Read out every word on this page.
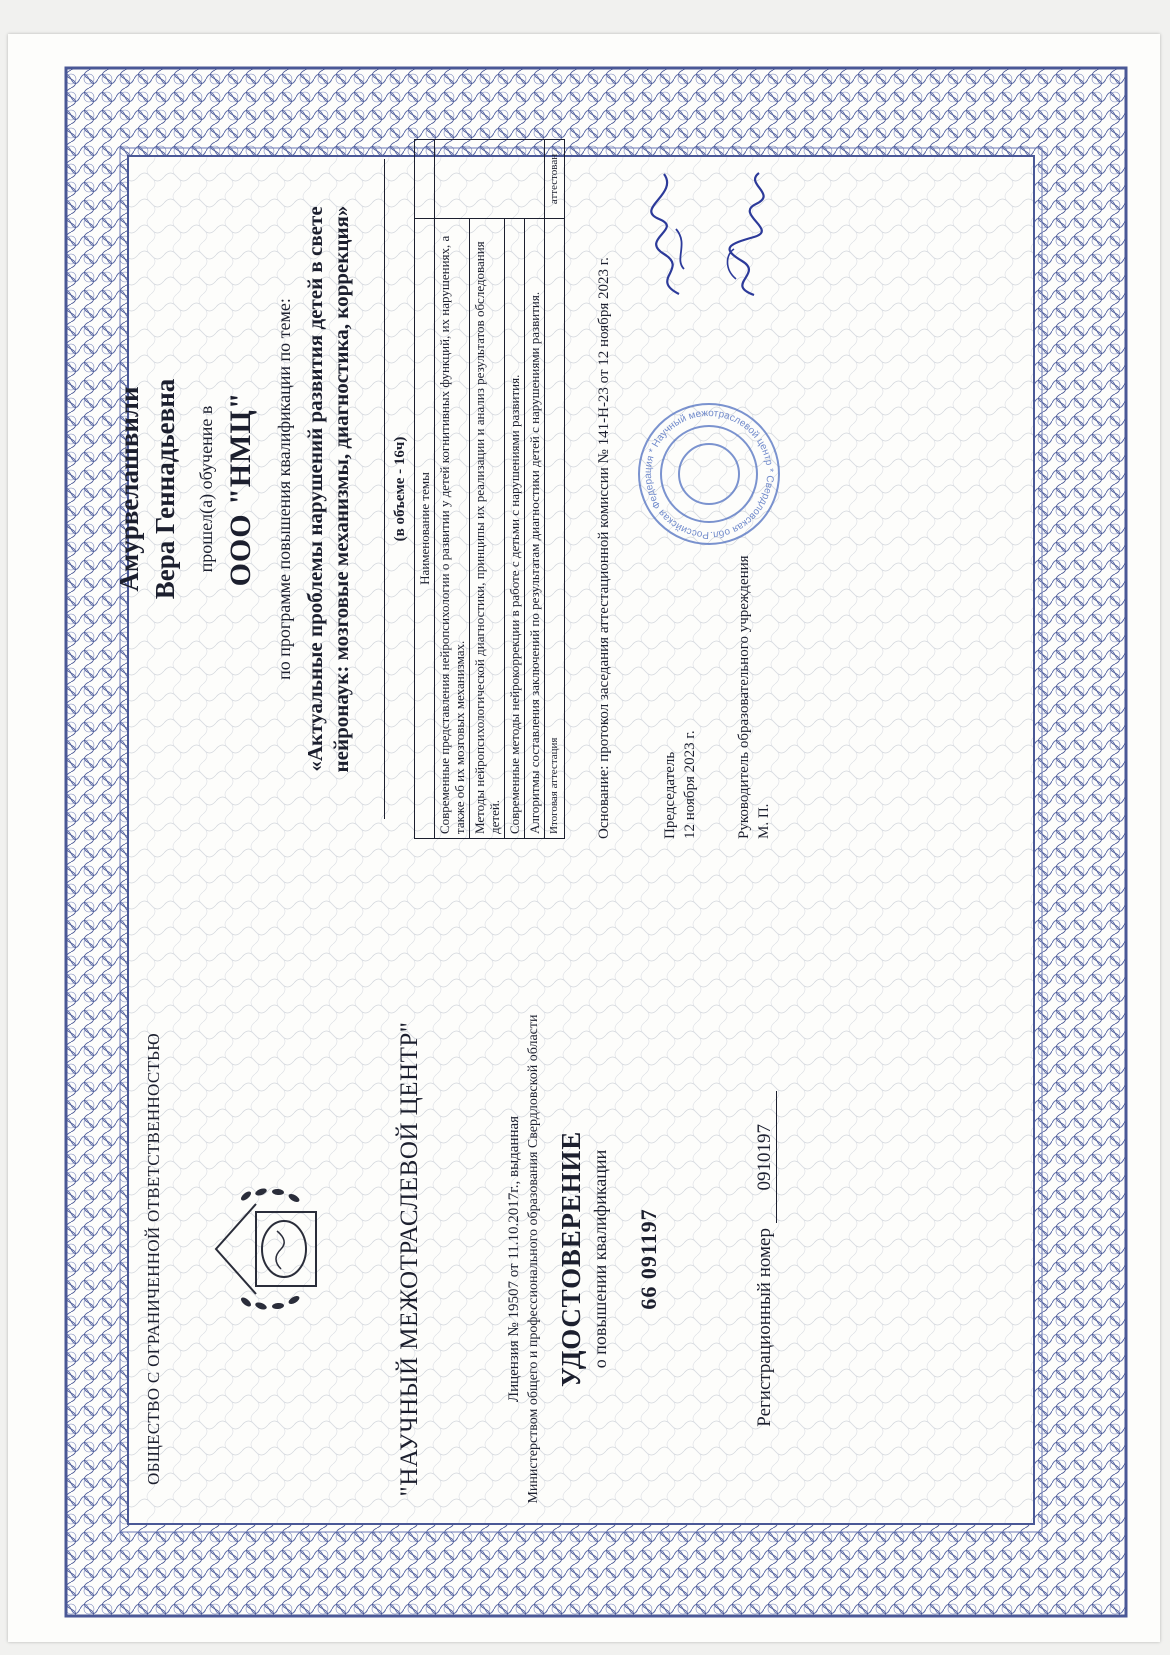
ОБЩЕСТВО С ОГРАНИЧЕННОЙ ОТВЕТСТВЕННОСТЬЮ	"НАУЧНЫЙ МЕЖОТРАСЛЕВОЙ ЦЕНТР"	Лицензия № 19507 от 11.10.2017г., выданная Министерством общего и профессионального образования Свердловской области УДОСТОВЕРЕНИЕ о повышении квалификации 66 091197	Регистрационный номер 0910197
Амурвелашвили Вера Геннадьевна прошел(а) обучение в ООО "НМЦ" по программе повышения квалификации по теме: «Актуальные проблемы нарушений развития детей в свете нейронаук: мозговые механизмы, диагностика, коррекция»	(в объеме - 16ч) Наименование темы	
Современные представления нейропсихологии о развитии у детей когнитивных функций, их нарушениях, а также об их мозговых механизмах.	
Методы нейропсихологической диагностики, принципы их реализации и анализ результатов обследования детей.	
Современные методы нейрокоррекции в работе с детьми с нарушениями развития.	
Алгоритмы составления заключений по результатам диагностики детей с нарушениями развития.	
Итоговая аттестация	аттестован
Основание: протокол заседания аттестационной комиссии № 141-Н-23 от 12 ноября 2023 г.	Председатель 12 ноября 2023 г.	Руководитель образовательного учреждения М. П.
Российская Федерация * Научный межотраслевой центр * Свердловская обл.
